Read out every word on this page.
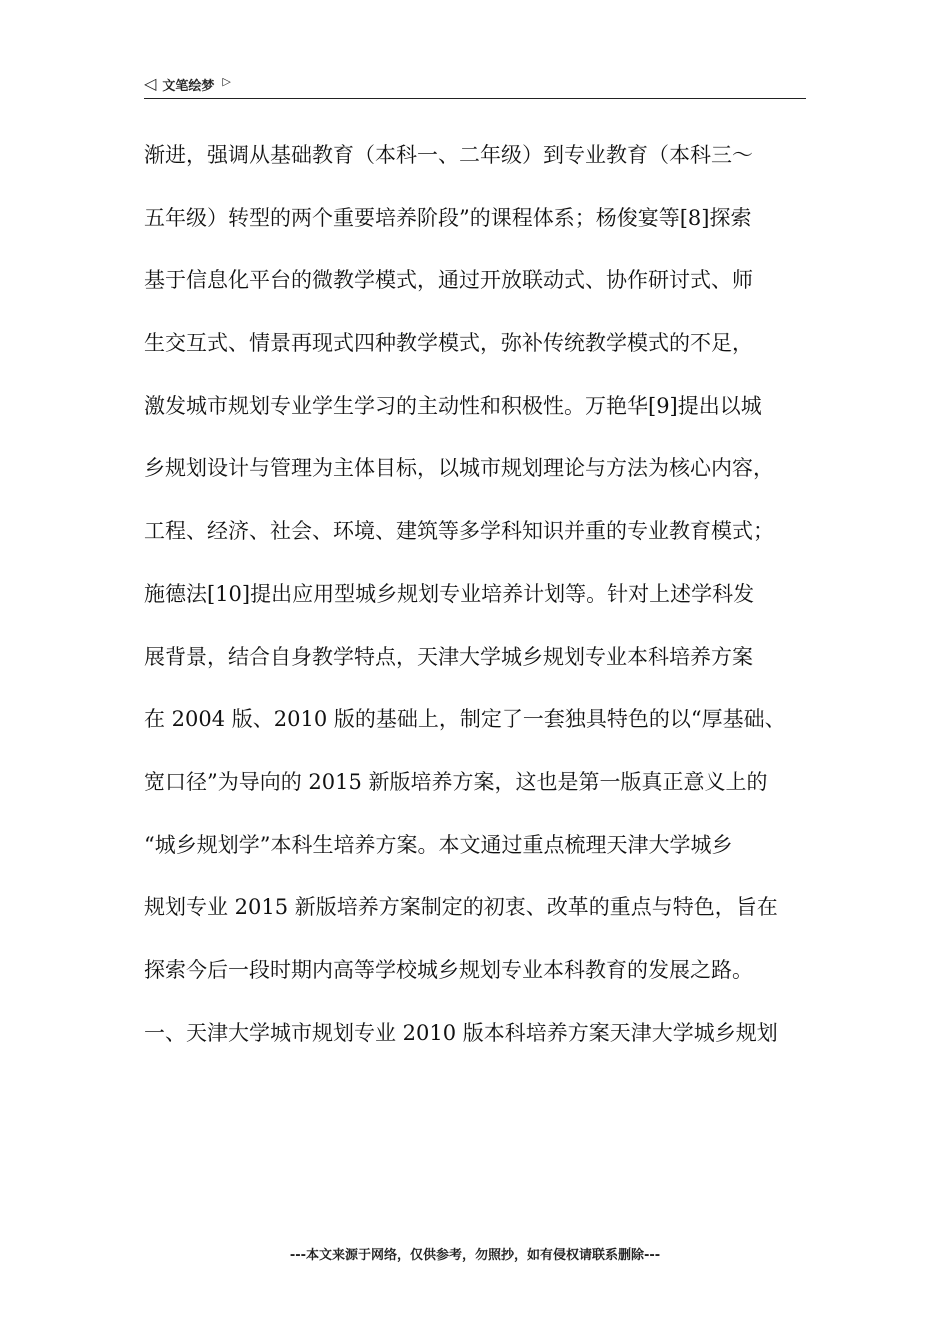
◁ 文笔绘梦 ▷
渐进，强调从基础教育（本科一、二年级）到专业教育（本科三～
五年级）转型的两个重要培养阶段”的课程体系；杨俊宴等[8]探索
基于信息化平台的微教学模式，通过开放联动式、协作研讨式、师
生交互式、情景再现式四种教学模式，弥补传统教学模式的不足，
激发城市规划专业学生学习的主动性和积极性。万艳华[9]提出以城
乡规划设计与管理为主体目标，以城市规划理论与方法为核心内容，
工程、经济、社会、环境、建筑等多学科知识并重的专业教育模式；
施德法[10]提出应用型城乡规划专业培养计划等。针对上述学科发
展背景，结合自身教学特点，天津大学城乡规划专业本科培养方案
在 2004 版、2010 版的基础上，制定了一套独具特色的以“厚基础、
宽口径”为导向的 2015 新版培养方案，这也是第一版真正意义上的
“城乡规划学”本科生培养方案。本文通过重点梳理天津大学城乡
规划专业 2015 新版培养方案制定的初衷、改革的重点与特色，旨在
探索今后一段时期内高等学校城乡规划专业本科教育的发展之路。
一、天津大学城市规划专业 2010 版本科培养方案天津大学城乡规划
---本文来源于网络，仅供参考，勿照抄，如有侵权请联系删除---
